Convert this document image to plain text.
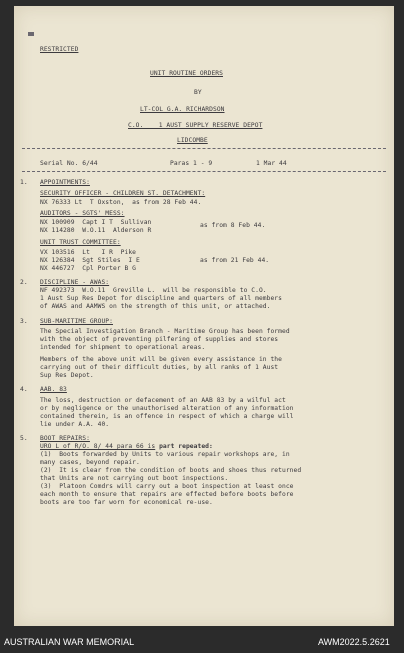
RESTRICTED
UNIT ROUTINE ORDERS
BY
LT-COL G.A. RICHARDSON
C.O.    1 AUST SUPPLY RESERVE DEPOT
LIDCOMBE
Serial No. 6/44	Paras 1 - 9	1 Mar 44
1. APPOINTMENTS:
SECURITY OFFICER - CHILDREN ST. DETACHMENT:
NX 76333 Lt  T Oxston,  as from 28 Feb 44.
AUDITORS - SGTS' MESS:
NX 100909  Capt I T  Sullivan
NX 114280  W.O.11  Alderson R
as from 8 Feb 44.
UNIT TRUST COMMITTEE:
VX 103516  Lt   I R  Pike
NX 126384  Sgt Stiles  I E
NX 446727  Cpl Porter B G
as from 21 Feb 44.
2. DISCIPLINE - AWAS:
NF 492373  W.O.11  Greville L.  will be responsible to C.O.
1 Aust Sup Res Depot for discipline and quarters of all members
of AWAS and AAMWS on the strength of this unit, or attached.
3. SUB-MARITIME GROUP:
The Special Investigation Branch - Maritime Group has been formed
with the object of preventing pilfering of supplies and stores
intended for shipment to operational areas.
Members of the above unit will be given every assistance in the
carrying out of their difficult duties, by all ranks of 1 Aust
Sup Res Depot.
4. AAB. 83
The loss, destruction or defacement of an AAB 83 by a wilful act
or by negligence or the unauthorised alteration of any information
contained therein, is an offence in respect of which a charge will
lie under A.A. 40.
5. BOOT REPAIRS:
URO L of R/O. 8/ 44 para 66 is part repeated:
(1)  Boots forwarded by Units to various repair workshops are, in
many cases, beyond repair.
(2)  It is clear from the condition of boots and shoes thus returned
that Units are not carrying out boot inspections.
(3)  Platoon Comdrs will carry out a boot inspection at least once
each month to ensure that repairs are effected before boots before
boots are too far worn for economical re-use.
AUSTRALIAN WAR MEMORIAL	AWM2022.5.2621
